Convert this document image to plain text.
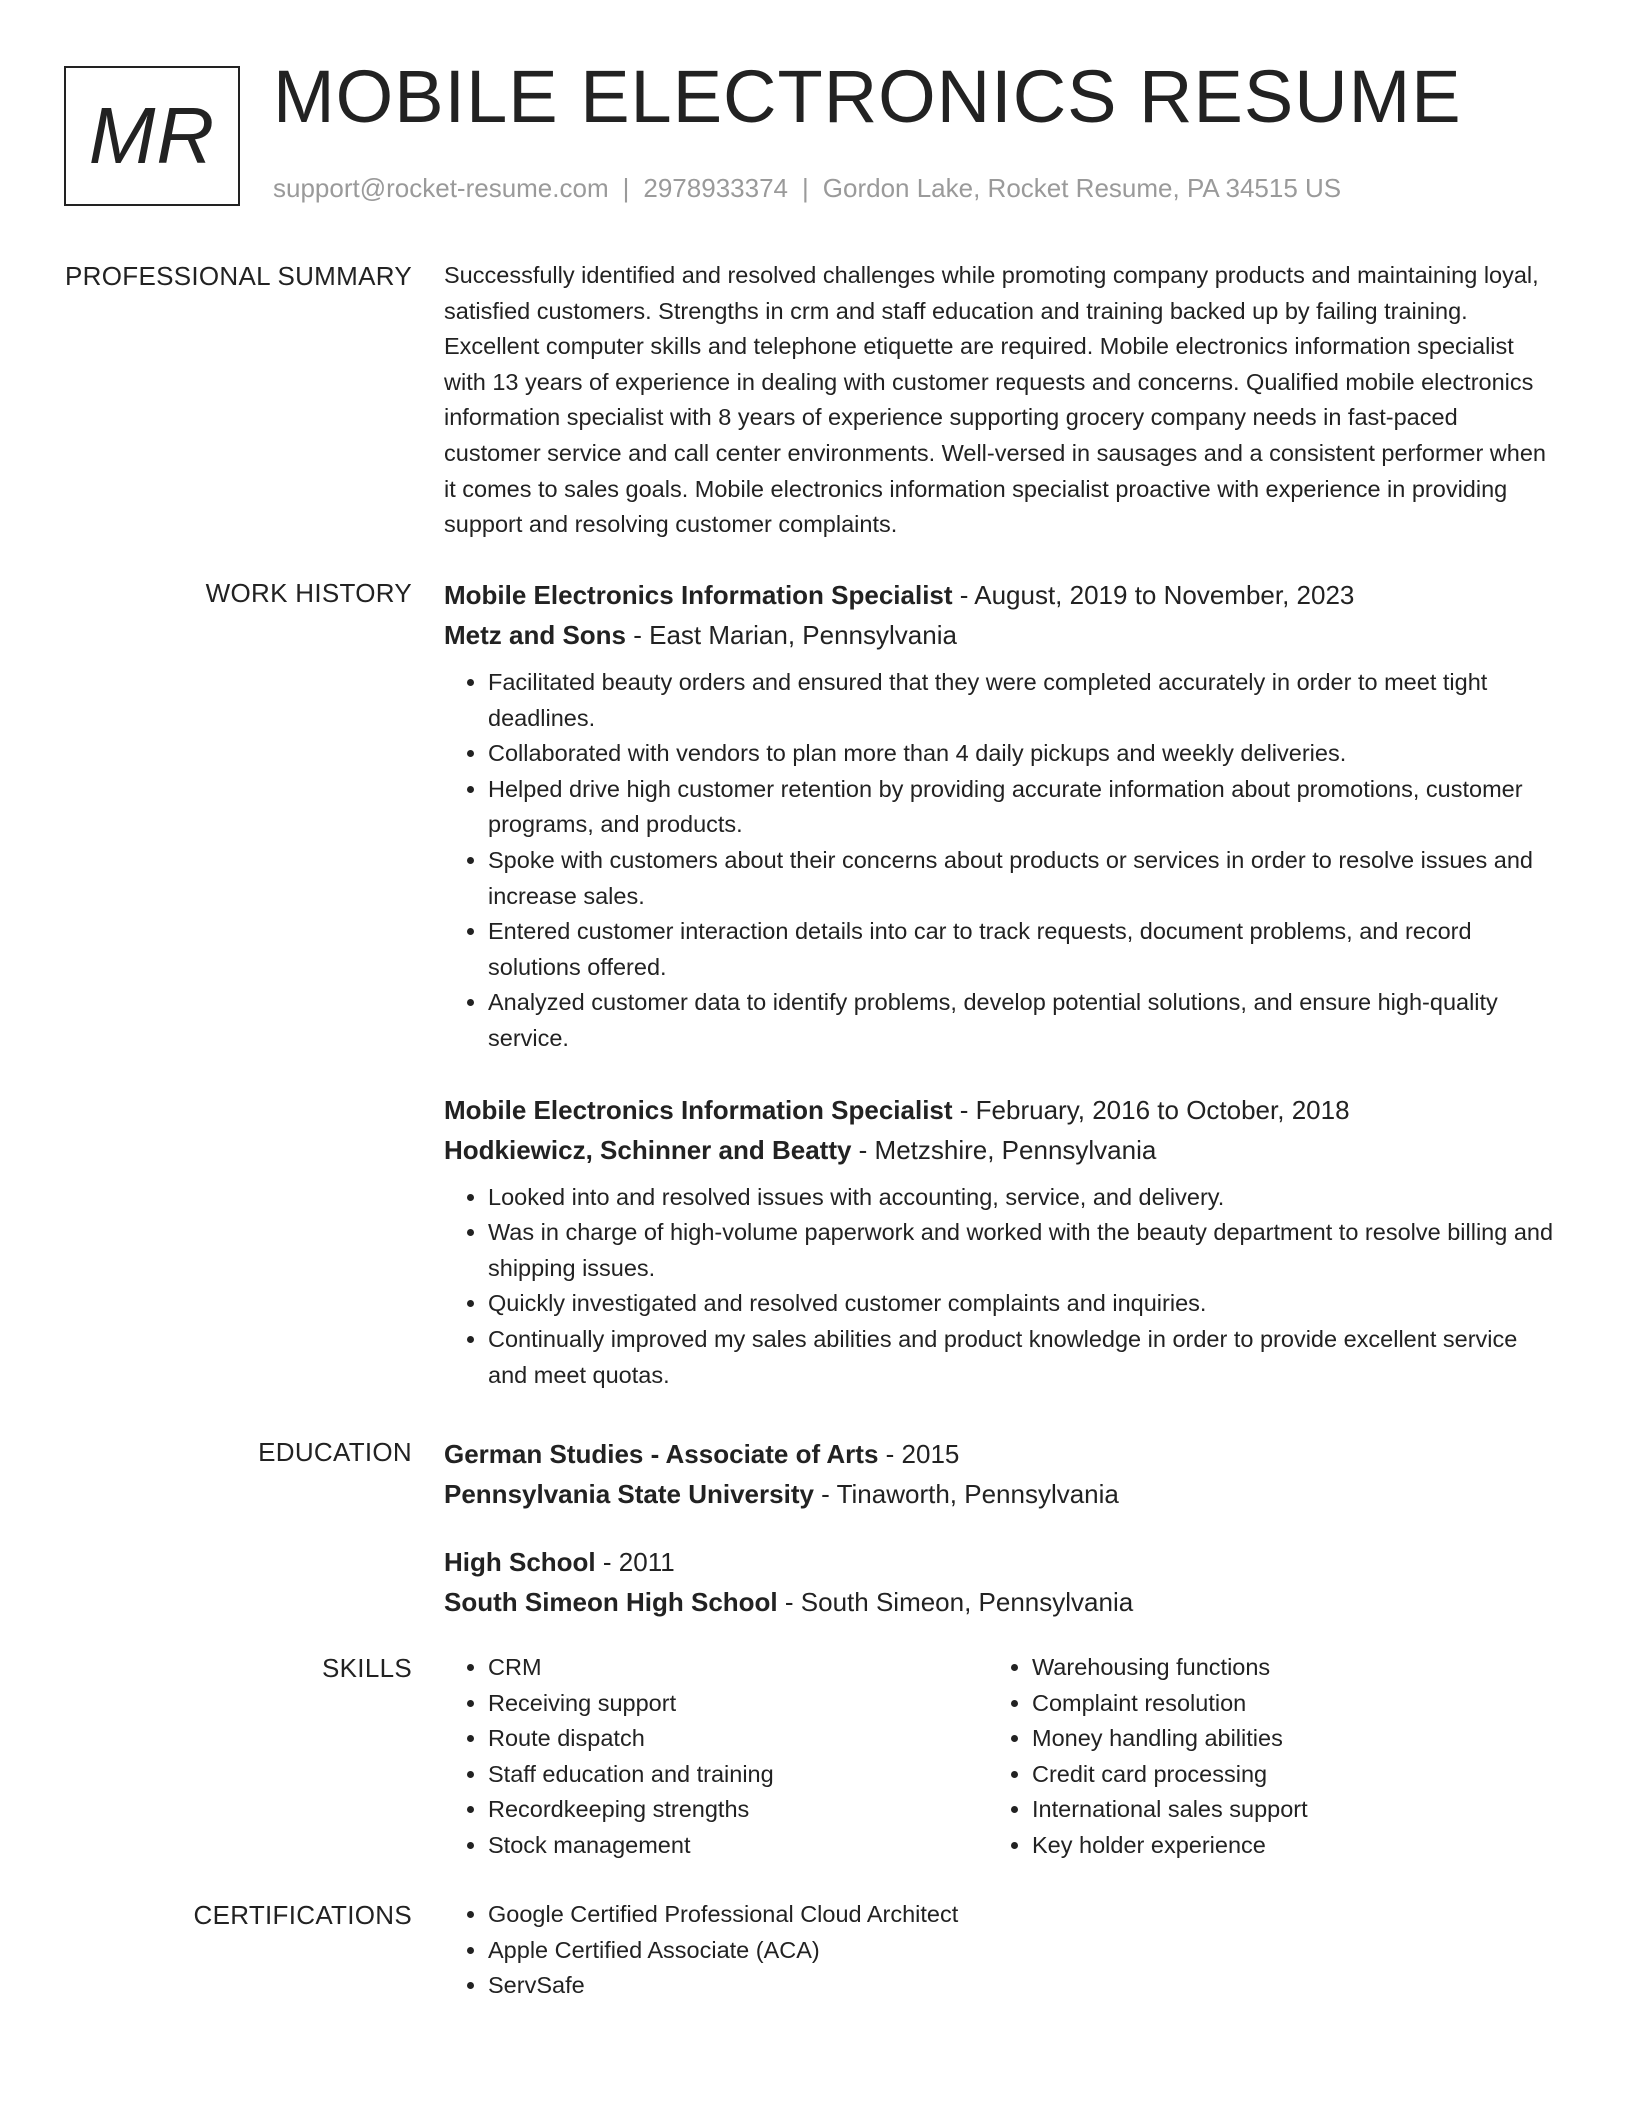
MR MOBILE ELECTRONICS RESUME
support@rocket-resume.com | 2978933374 | Gordon Lake, Rocket Resume, PA 34515 US
PROFESSIONAL SUMMARY Successfully identified and resolved challenges while promoting company products and maintaining loyal, satisfied customers. Strengths in crm and staff education and training backed up by failing training. Excellent computer skills and telephone etiquette are required. Mobile electronics information specialist with 13 years of experience in dealing with customer requests and concerns. Qualified mobile electronics information specialist with 8 years of experience supporting grocery company needs in fast-paced customer service and call center environments. Well-versed in sausages and a consistent performer when it comes to sales goals. Mobile electronics information specialist proactive with experience in providing support and resolving customer complaints.

WORK HISTORY Mobile Electronics Information Specialist - August, 2019 to November, 2023
Metz and Sons - East Marian, Pennsylvania
• Facilitated beauty orders and ensured that they were completed accurately in order to meet tight deadlines.
• Collaborated with vendors to plan more than 4 daily pickups and weekly deliveries.
• Helped drive high customer retention by providing accurate information about promotions, customer programs, and products.
• Spoke with customers about their concerns about products or services in order to resolve issues and increase sales.
• Entered customer interaction details into car to track requests, document problems, and record solutions offered.
• Analyzed customer data to identify problems, develop potential solutions, and ensure high-quality service.
Mobile Electronics Information Specialist - February, 2016 to October, 2018
Hodkiewicz, Schinner and Beatty - Metzshire, Pennsylvania
• Looked into and resolved issues with accounting, service, and delivery.
• Was in charge of high-volume paperwork and worked with the beauty department to resolve billing and shipping issues.
• Quickly investigated and resolved customer complaints and inquiries.
• Continually improved my sales abilities and product knowledge in order to provide excellent service and meet quotas.
EDUCATION German Studies - Associate of Arts - 2015
Pennsylvania State University - Tinaworth, Pennsylvania
High School - 2011
South Simeon High School - South Simeon, Pennsylvania
SKILLS	• CRM
• Receiving support
• Route dispatch
• Staff education and training
• Recordkeeping strengths
• Stock management
• Warehousing functions
• Complaint resolution
• Money handling abilities
• Credit card processing
• International sales support
• Key holder experience
CERTIFICATIONS	• Google Certified Professional Cloud Architect
• Apple Certified Associate (ACA)
• ServSafe
